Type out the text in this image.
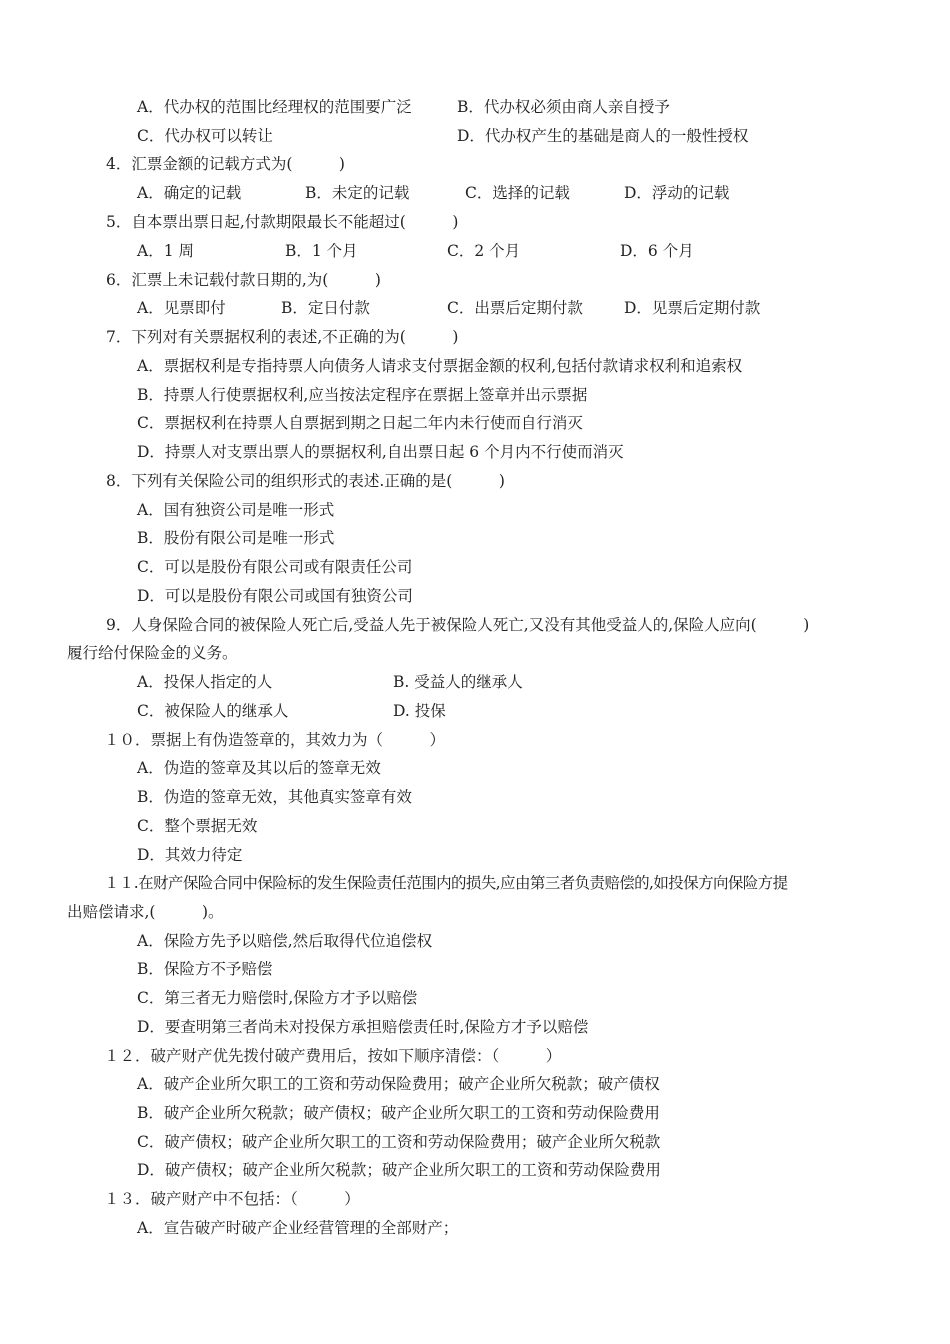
A．代办权的范围比经理权的范围要广泛	B．代办权必须由商人亲自授予
C．代办权可以转让	D．代办权产生的基础是商人的一般性授权
4．汇票金额的记载方式为(　　　)
A．确定的记载	B．未定的记载	C．选择的记载	D．浮动的记载
5．自本票出票日起,付款期限最长不能超过(　　　)
A．1 周	B．1 个月	C．2 个月	D．6 个月
6．汇票上未记载付款日期的,为(　　　)
A．见票即付	B．定日付款	C．出票后定期付款	D．见票后定期付款
7．下列对有关票据权利的表述,不正确的为(　　　)
A．票据权利是专指持票人向债务人请求支付票据金额的权利,包括付款请求权利和追索权
B．持票人行使票据权利,应当按法定程序在票据上签章并出示票据
C．票据权利在持票人自票据到期之日起二年内未行使而自行消灭
D．持票人对支票出票人的票据权利,自出票日起 6 个月内不行使而消灭
8．下列有关保险公司的组织形式的表述.正确的是(　　　)
A．国有独资公司是唯一形式
B．股份有限公司是唯一形式
C．可以是股份有限公司或有限责任公司
D．可以是股份有限公司或国有独资公司
9．人身保险合同的被保险人死亡后,受益人先于被保险人死亡,又没有其他受益人的,保险人应向(　　　)
履行给付保险金的义务。
A．投保人指定的人	B. 受益人的继承人
C．被保险人的继承人	D. 投保
１０．票据上有伪造签章的，其效力为（　　　）
A．伪造的签章及其以后的签章无效
B．伪造的签章无效，其他真实签章有效
C．整个票据无效
D．其效力待定
１１.在财产保险合同中保险标的发生保险责任范围内的损失,应由第三者负责赔偿的,如投保方向保险方提
出赔偿请求,(　　　)。
A．保险方先予以赔偿,然后取得代位追偿权
B．保险方不予赔偿
C．第三者无力赔偿时,保险方才予以赔偿
D．要查明第三者尚未对投保方承担赔偿责任时,保险方才予以赔偿
１２．破产财产优先拨付破产费用后，按如下顺序清偿：（　　　）
A．破产企业所欠职工的工资和劳动保险费用；破产企业所欠税款；破产债权
B．破产企业所欠税款；破产债权；破产企业所欠职工的工资和劳动保险费用
C．破产债权；破产企业所欠职工的工资和劳动保险费用；破产企业所欠税款
D．破产债权；破产企业所欠税款；破产企业所欠职工的工资和劳动保险费用
１３．破产财产中不包括：（　　　）
A．宣告破产时破产企业经营管理的全部财产；
